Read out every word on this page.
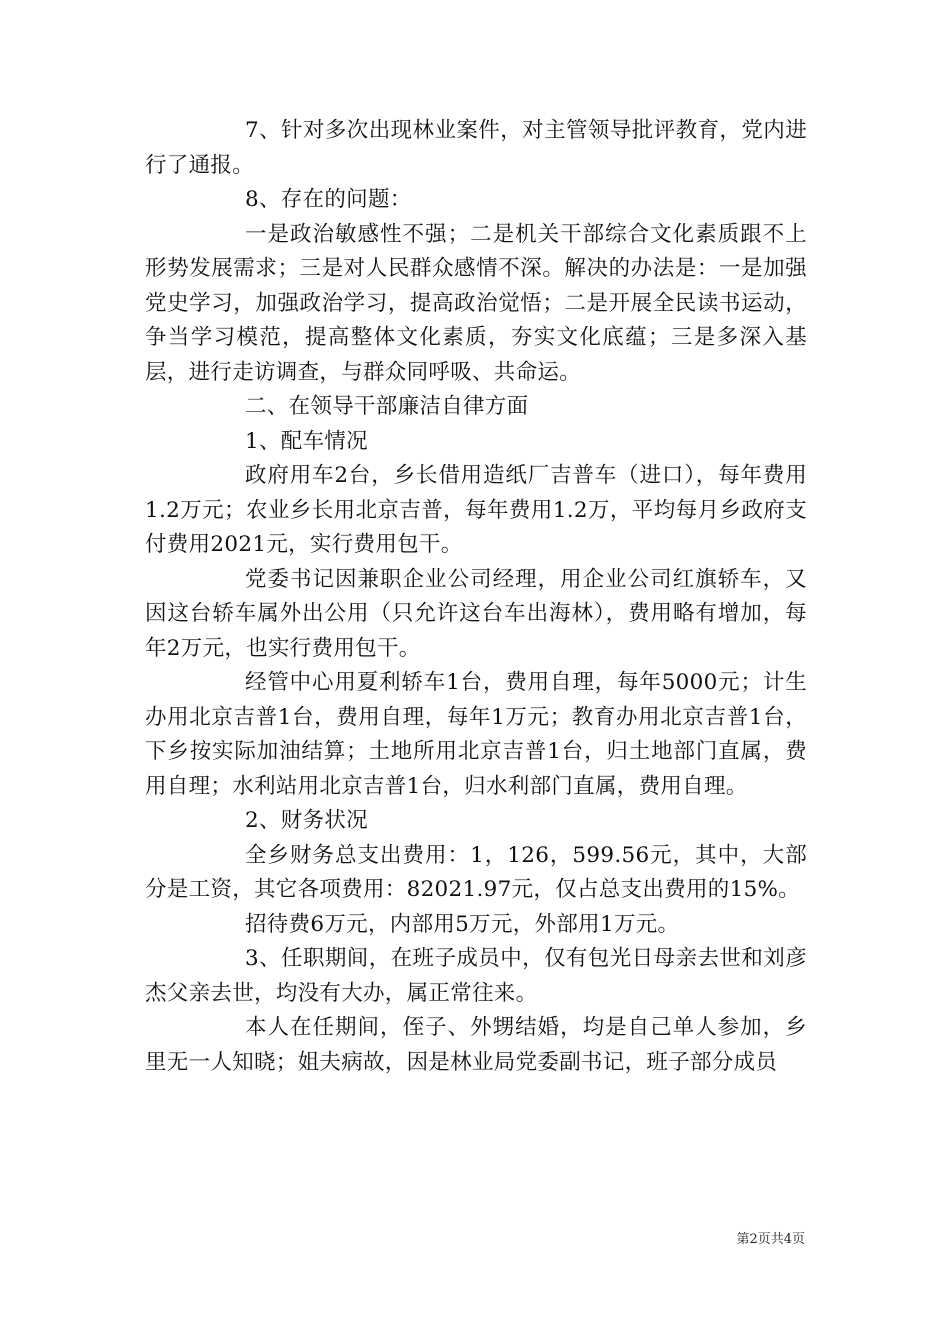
7、针对多次出现林业案件，对主管领导批评教育，党内进行了通报。

8、存在的问题：

一是政治敏感性不强；二是机关干部综合文化素质跟不上形势发展需求；三是对人民群众感情不深。解决的办法是：一是加强党史学习，加强政治学习，提高政治觉悟；二是开展全民读书运动，争当学习模范，提高整体文化素质，夯实文化底蕴；三是多深入基层，进行走访调查，与群众同呼吸、共命运。

二、在领导干部廉洁自律方面

1、配车情况

政府用车2台，乡长借用造纸厂吉普车（进口），每年费用1.2万元；农业乡长用北京吉普，每年费用1.2万，平均每月乡政府支付费用2021元，实行费用包干。

党委书记因兼职企业公司经理，用企业公司红旗轿车，又因这台轿车属外出公用（只允许这台车出海林），费用略有增加，每年2万元，也实行费用包干。

经管中心用夏利轿车1台，费用自理，每年5000元；计生办用北京吉普1台，费用自理，每年1万元；教育办用北京吉普1台，下乡按实际加油结算；土地所用北京吉普1台，归土地部门直属，费用自理；水利站用北京吉普1台，归水利部门直属，费用自理。

2、财务状况

全乡财务总支出费用：1，126，599.56元，其中，大部分是工资，其它各项费用：82021.97元，仅占总支出费用的15%。

招待费6万元，内部用5万元，外部用1万元。

3、任职期间，在班子成员中，仅有包光日母亲去世和刘彦杰父亲去世，均没有大办，属正常往来。

本人在任期间，侄子、外甥结婚，均是自己单人参加，乡里无一人知晓；姐夫病故，因是林业局党委副书记，班子部分成员

第2页共4页
